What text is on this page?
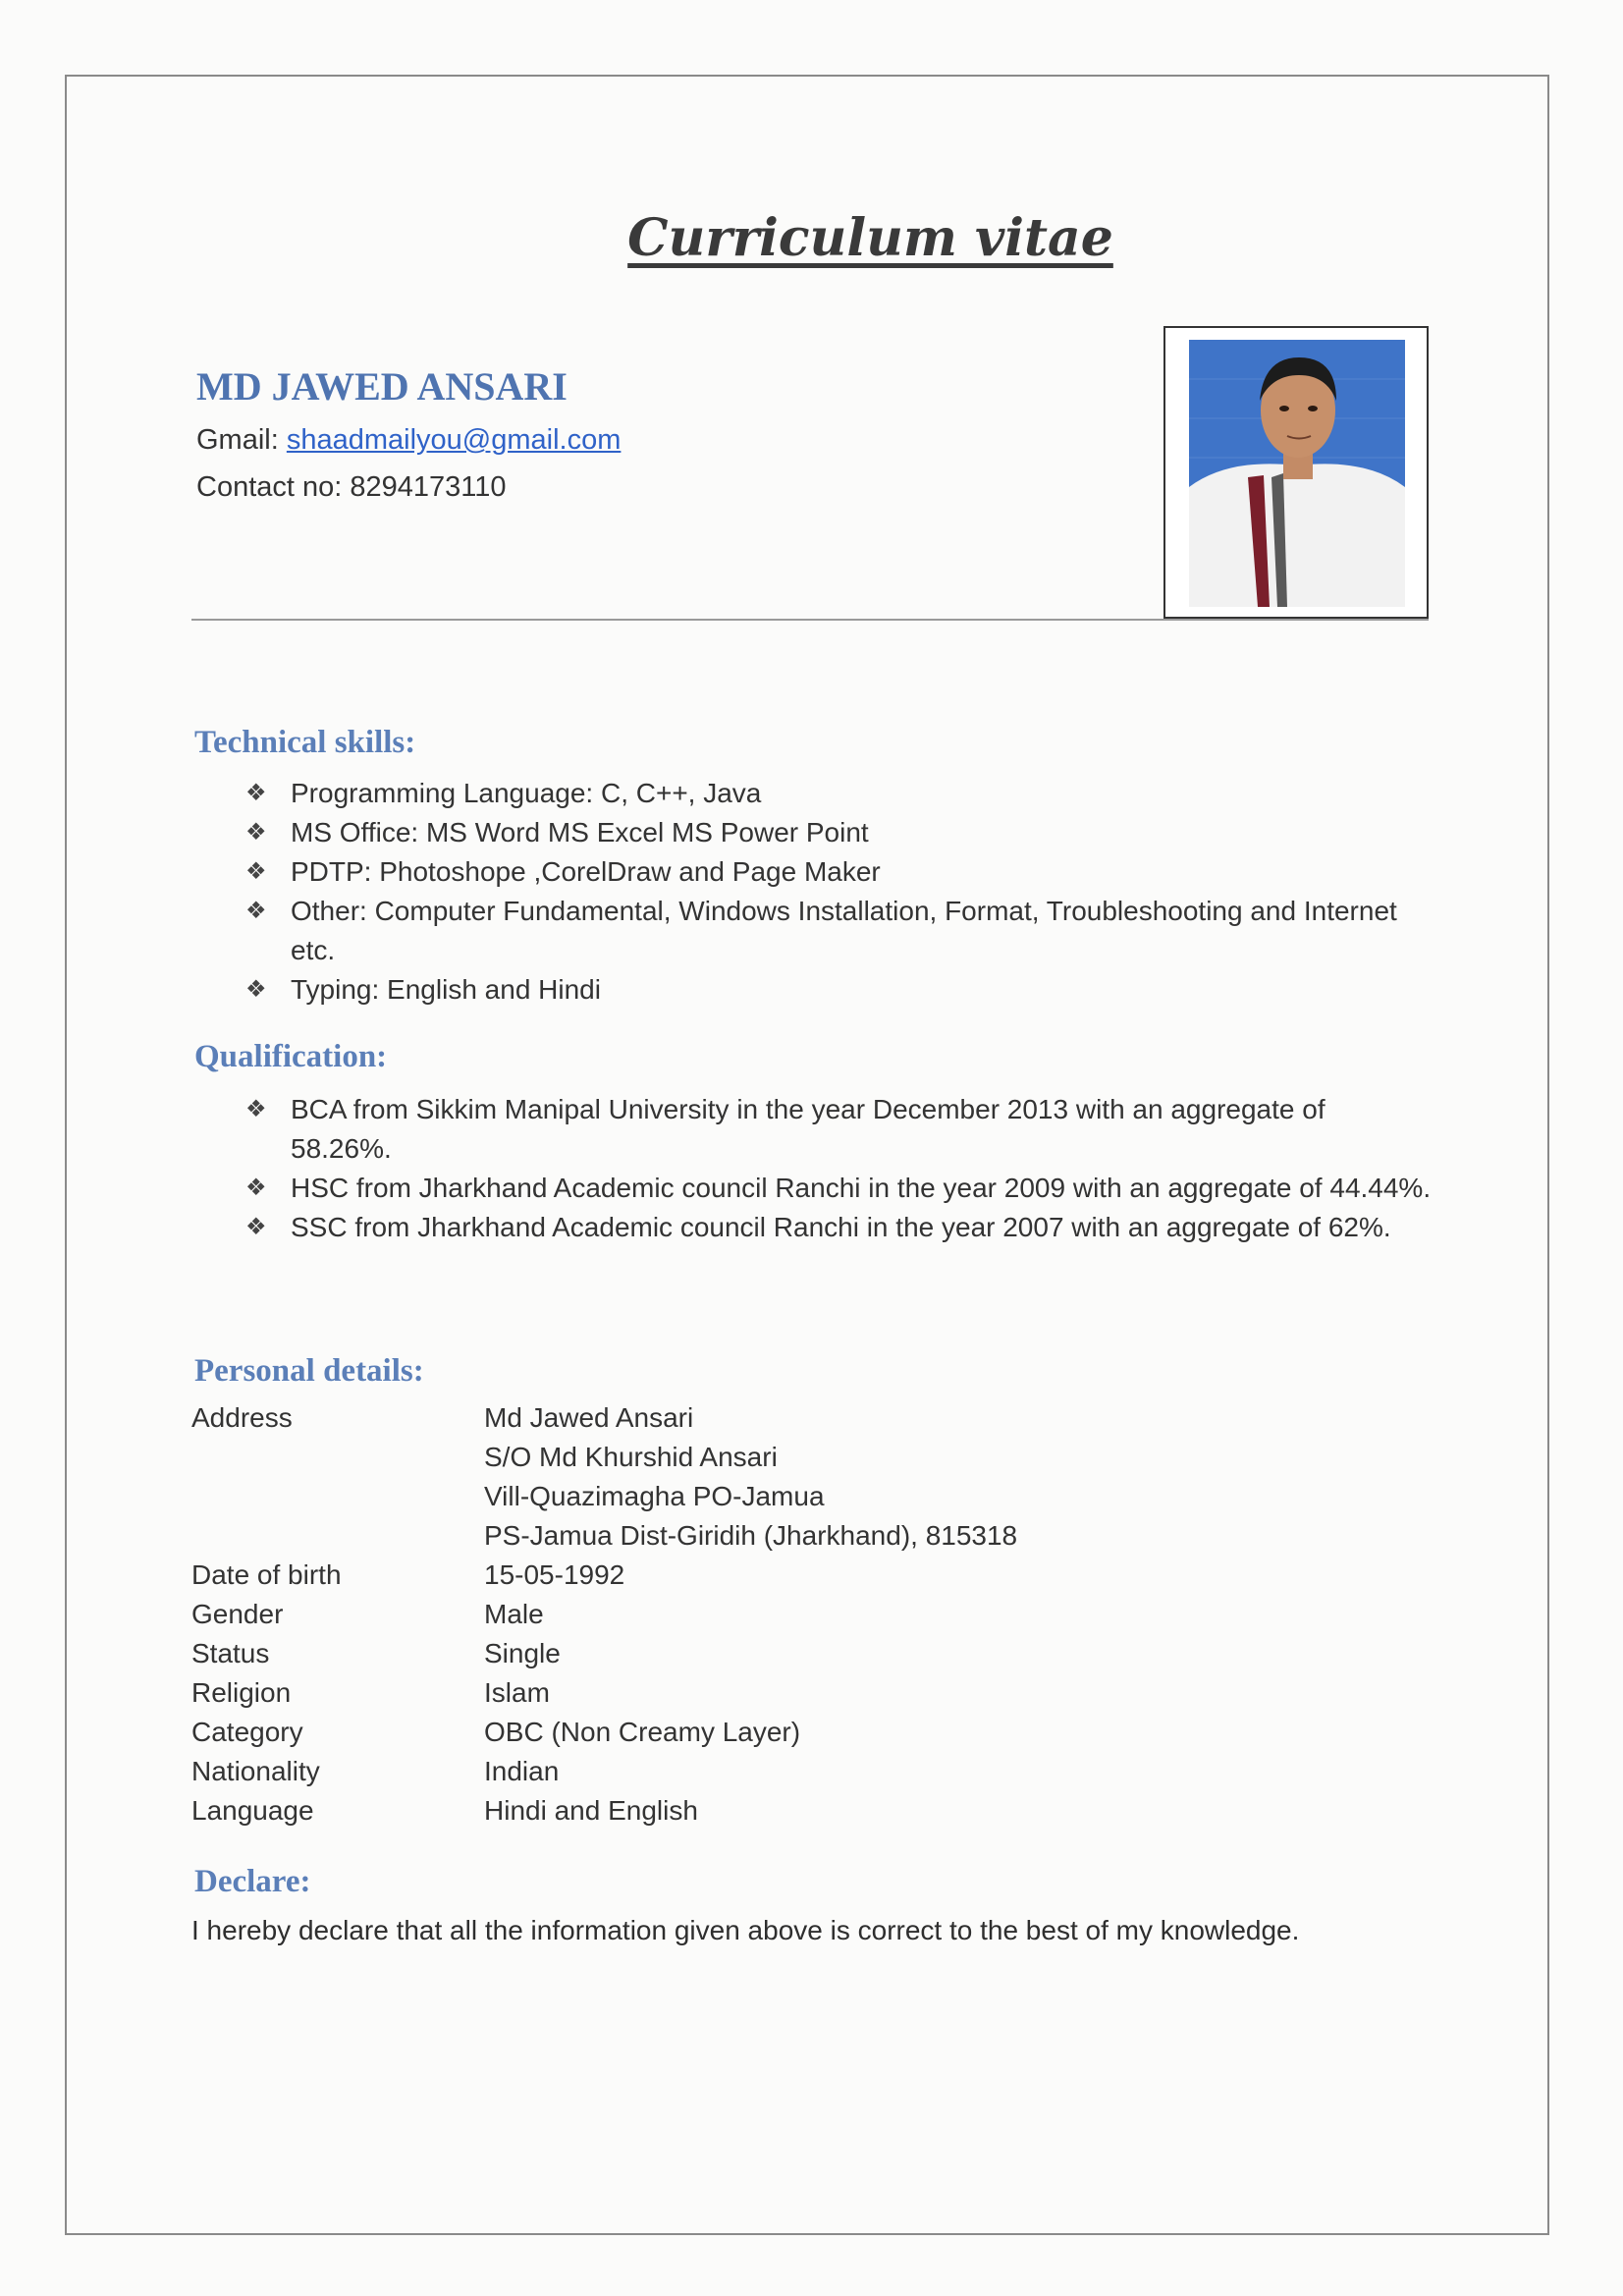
Curriculum vitae
MD JAWED ANSARI
Gmail: shaadmailyou@gmail.com
Contact no: 8294173110
Technical skills:
❖ Programming Language: C, C++, Java
❖ MS Office: MS Word MS Excel MS Power Point
❖ PDTP: Photoshope ,CorelDraw and Page Maker
❖ Other: Computer Fundamental, Windows Installation, Format, Troubleshooting and Internet etc.
❖ Typing: English and Hindi
Qualification:
❖ BCA from Sikkim Manipal University in the year December 2013 with an aggregate of 58.26%.
❖ HSC from Jharkhand Academic council Ranchi in the year 2009 with an aggregate of 44.44%.
❖ SSC from Jharkhand Academic council Ranchi in the year 2007 with an aggregate of 62%.
Personal details:
Address	Md Jawed Ansari
S/O Md Khurshid Ansari
Vill-Quazimagha PO-Jamua
PS-Jamua Dist-Giridih (Jharkhand), 815318
Date of birth	15-05-1992
Gender	Male
Status	Single
Religion	Islam
Category	OBC (Non Creamy Layer)
Nationality	Indian
Language	Hindi and English
Declare:
I hereby declare that all the information given above is correct to the best of my knowledge.
